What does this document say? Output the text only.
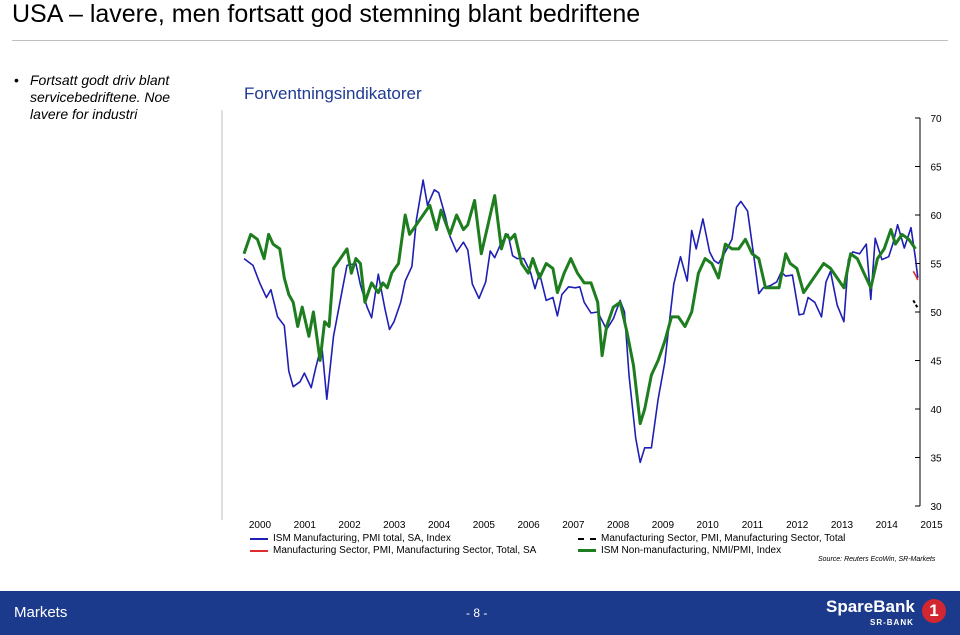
USA – lavere, men fortsatt god stemning blant bedriftene
• Fortsatt godt driv blant servicebedriftene. Noe lavere for industri
Forventningsindikatorer
30
35
40
45
50
55
60
65
70
2000 2001 2002 2003 2004 2005 2006 2007 2008 2009 2010 2011 2012 2013 2014 2015
ISM Manufacturing, PMI total, SA, Index
Manufacturing Sector, PMI, Manufacturing Sector, Total, SA
Manufacturing Sector, PMI, Manufacturing Sector, Total
ISM Non-manufacturing, NMI/PMI, Index
Source: Reuters EcoWin, SR-Markets
Markets	- 8 -	SpareBank
SR-BANK
1
